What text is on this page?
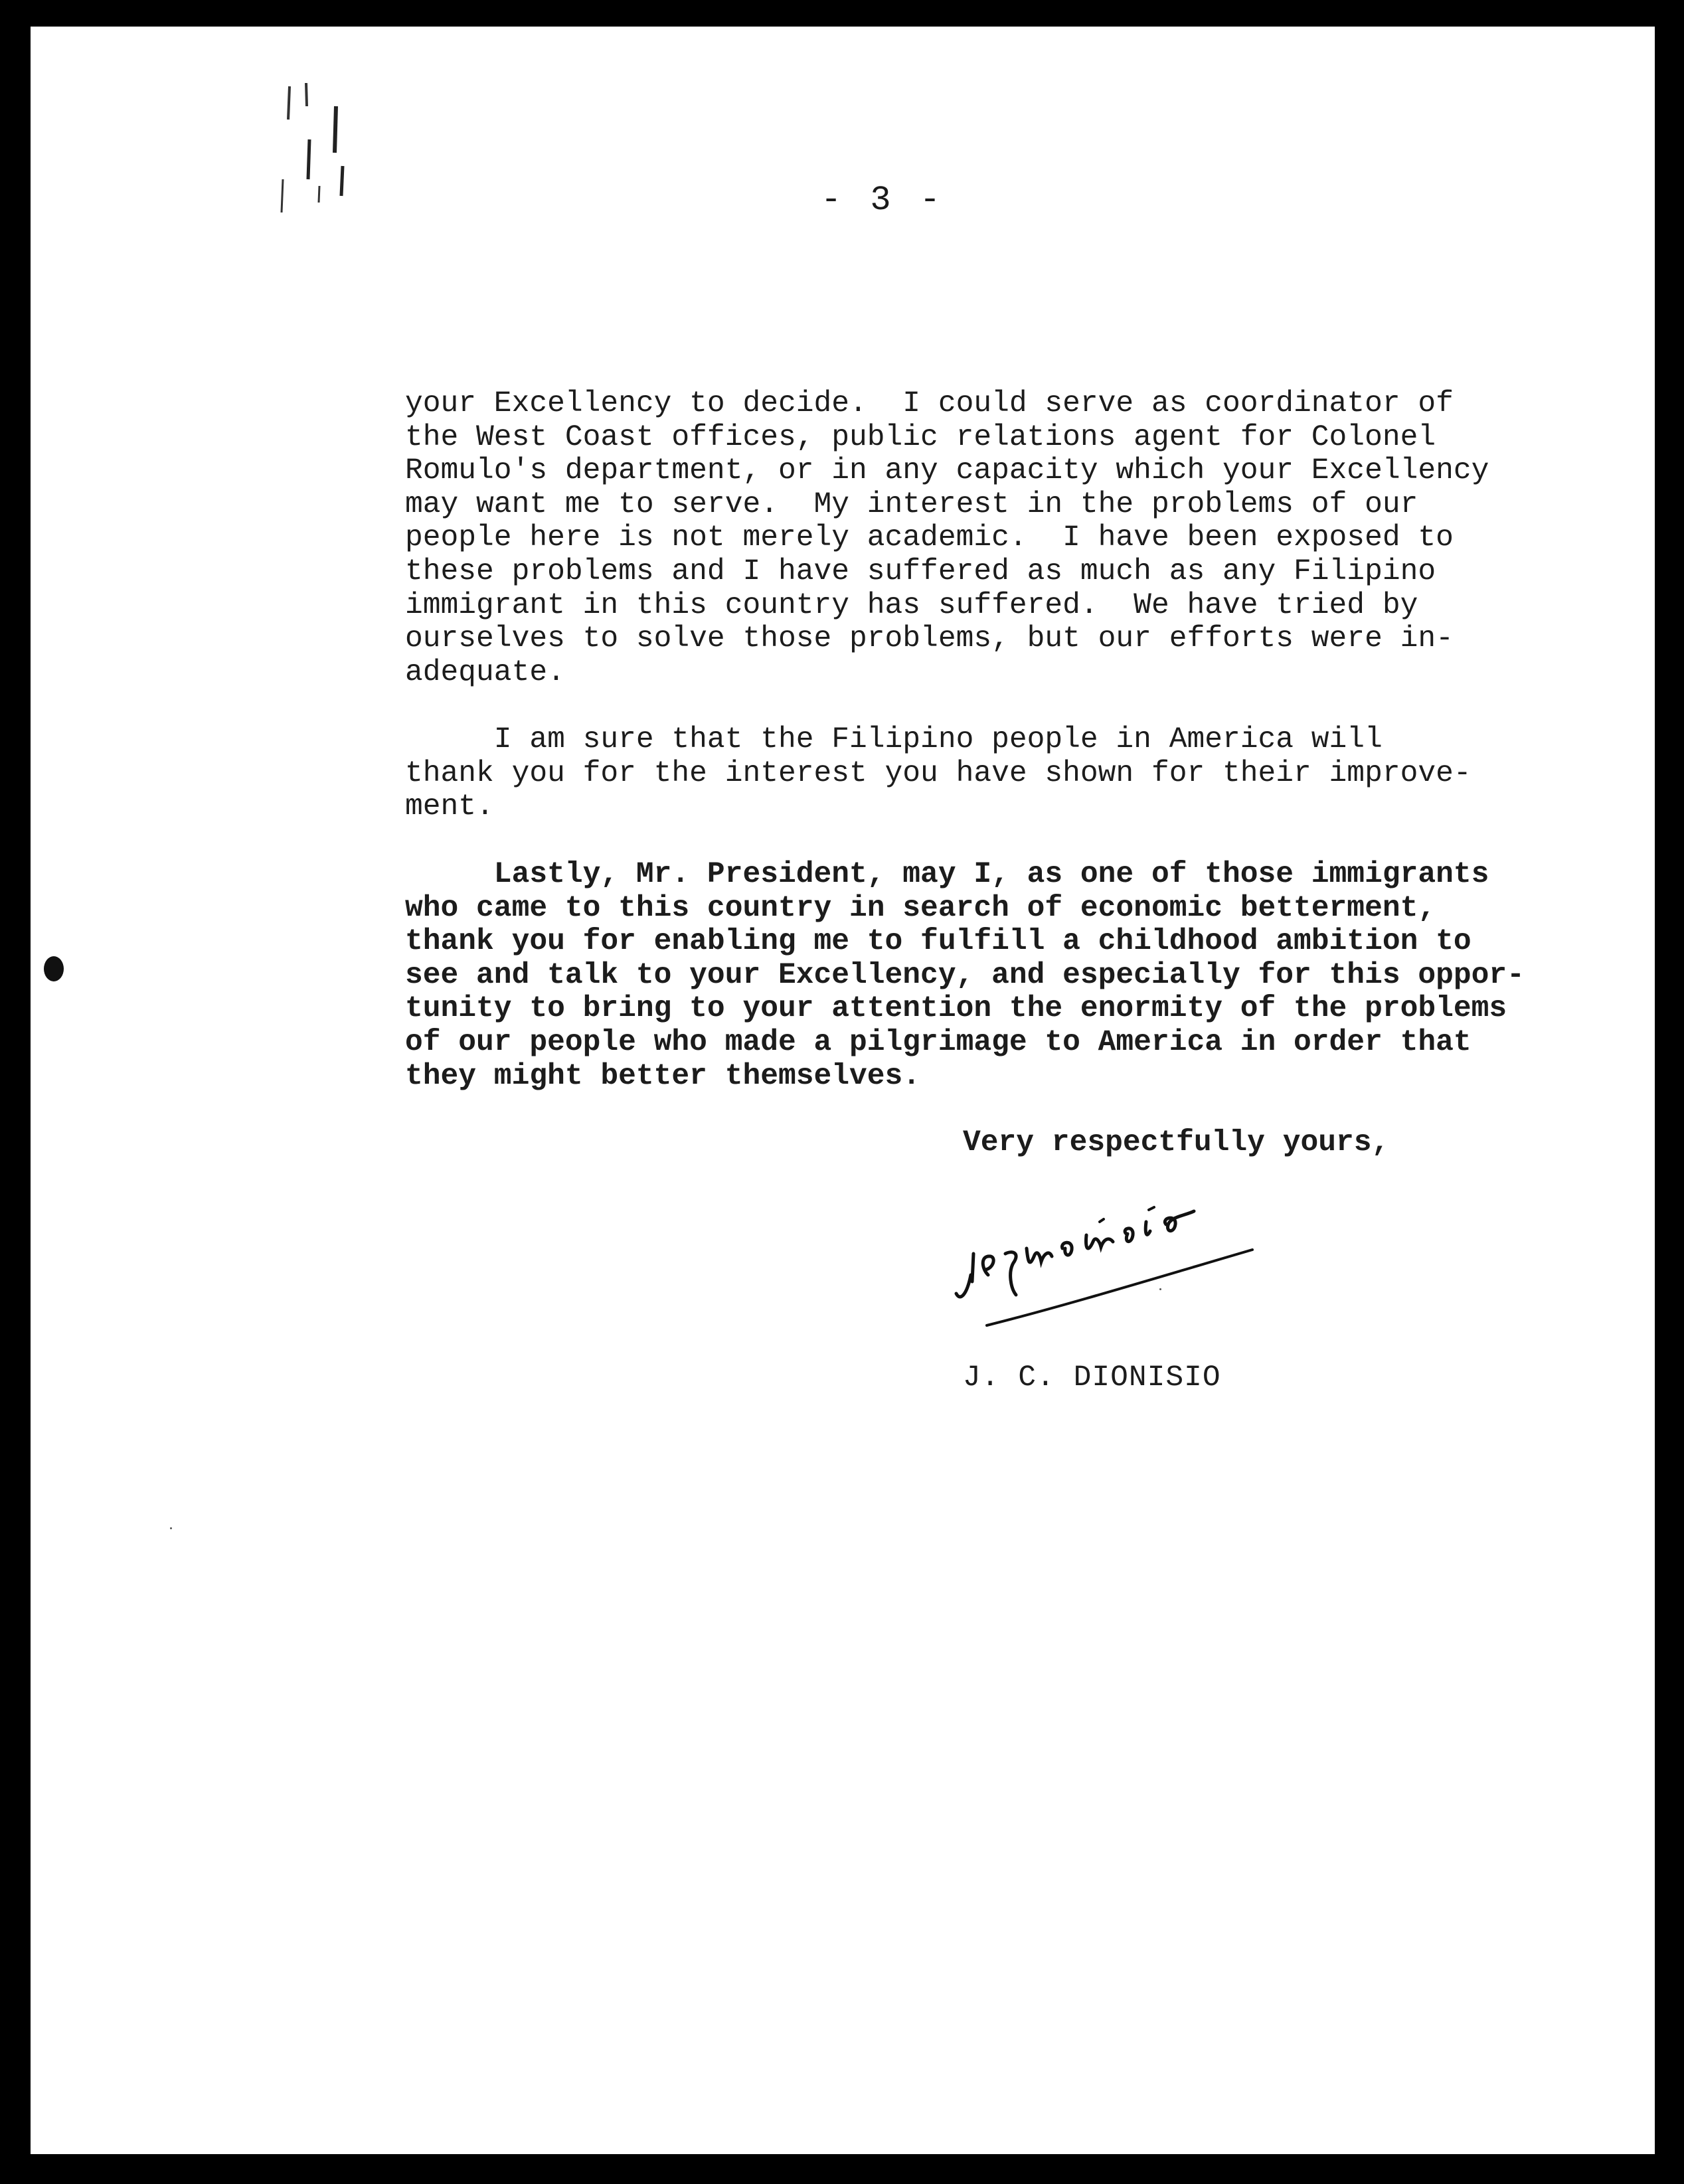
- 3 -
your Excellency to decide.  I could serve as coordinator of
the West Coast offices, public relations agent for Colonel
Romulo's department, or in any capacity which your Excellency
may want me to serve.  My interest in the problems of our
people here is not merely academic.  I have been exposed to
these problems and I have suffered as much as any Filipino
immigrant in this country has suffered.  We have tried by
ourselves to solve those problems, but our efforts were in-
adequate.
I am sure that the Filipino people in America will
thank you for the interest you have shown for their improve-
ment.
Lastly, Mr. President, may I, as one of those immigrants
who came to this country in search of economic betterment,
thank you for enabling me to fulfill a childhood ambition to
see and talk to your Excellency, and especially for this oppor-
tunity to bring to your attention the enormity of the problems
of our people who made a pilgrimage to America in order that
they might better themselves.
Very respectfully yours,
J. C. DIONISIO
